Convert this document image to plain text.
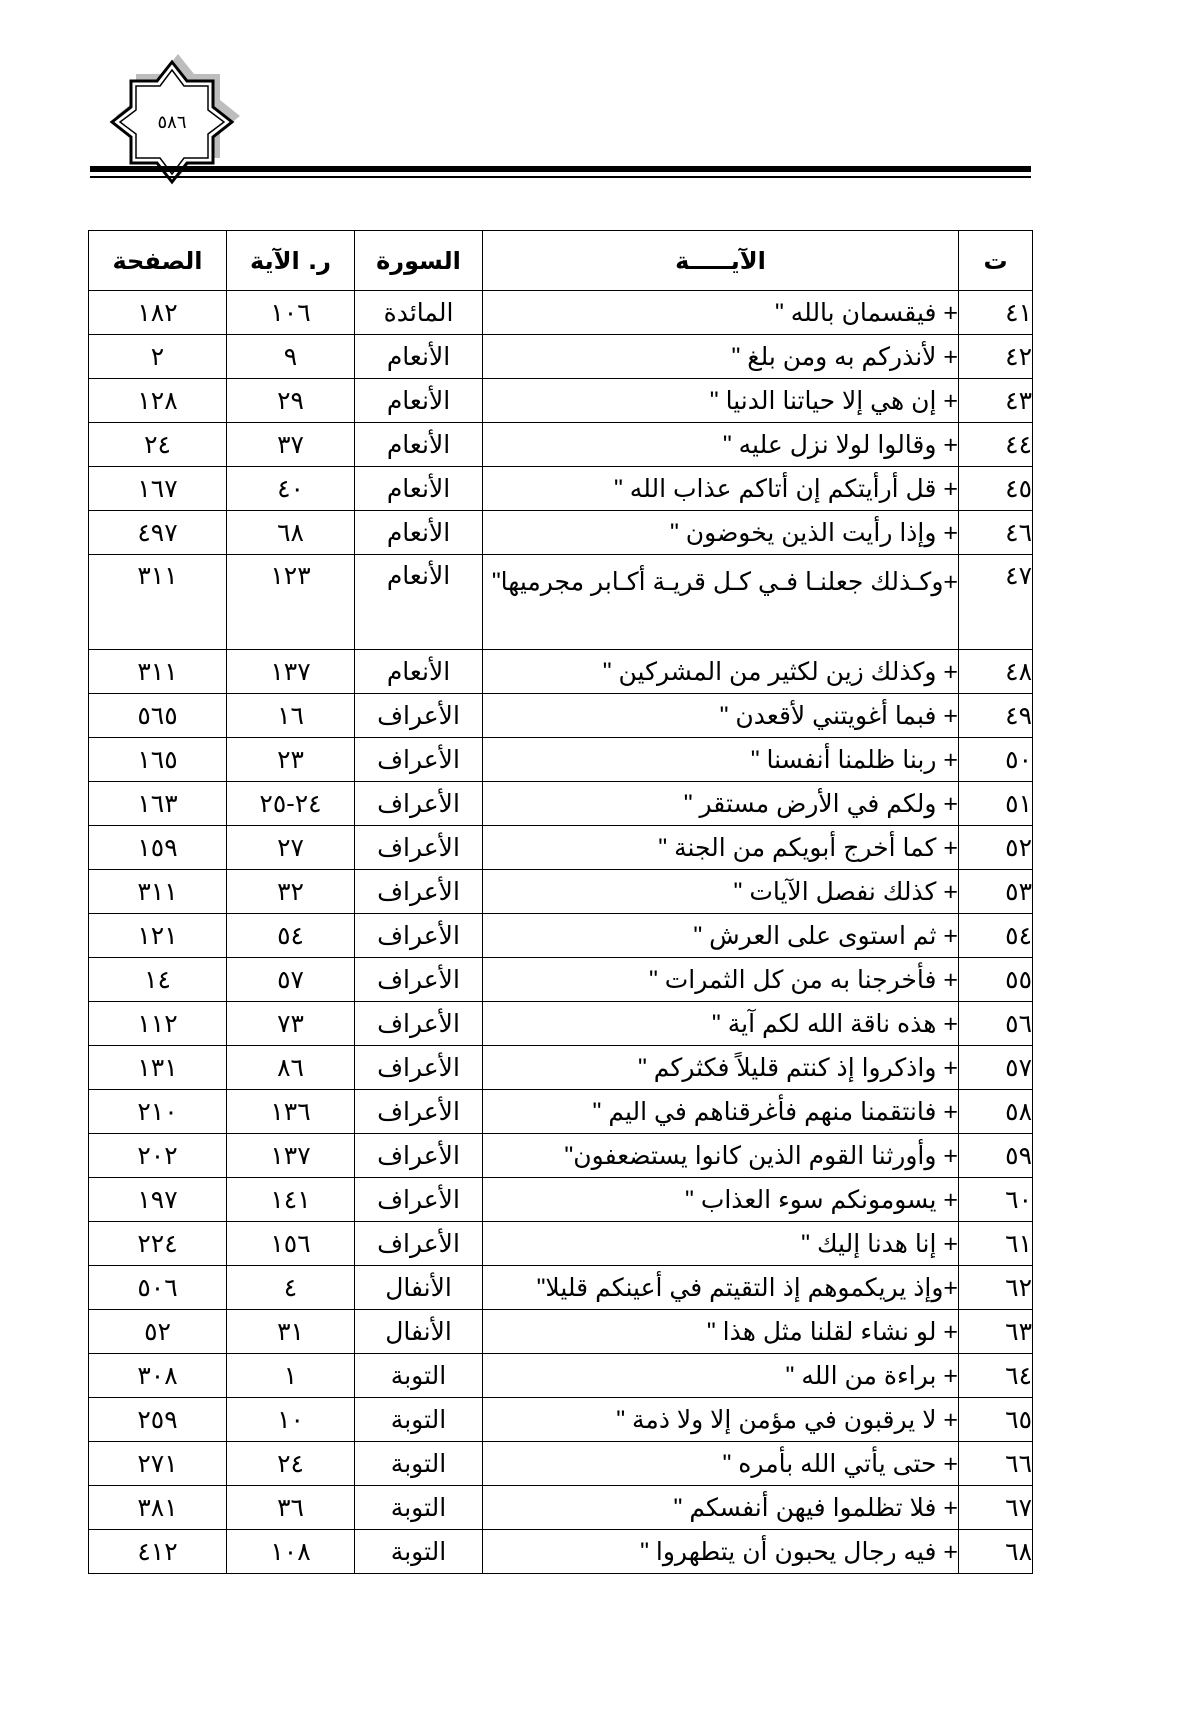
٥٨٦
ت	الآيـــــة	السورة	ر. الآية	الصفحة
٤١	+ فيقسمان بالله "	المائدة	١٠٦	١٨٢
٤٢	+ لأنذركم به ومن بلغ "	الأنعام	٩	٢
٤٣	+ إن هي إلا حياتنا الدنيا "	الأنعام	٢٩	١٢٨
٤٤	+ وقالوا لولا نزل عليه "	الأنعام	٣٧	٢٤
٤٥	+ قل أرأيتكم إن أتاكم عذاب الله "	الأنعام	٤٠	١٦٧
٤٦	+ وإذا رأيت الذين يخوضون "	الأنعام	٦٨	٤٩٧
٤٧	+وكـذلك جعلنـا فـي كـل قريـة أكـابر مجرميها"	الأنعام	١٢٣	٣١١
٤٨	+ وكذلك زين لكثير من المشركين "	الأنعام	١٣٧	٣١١
٤٩	+ فبما أغويتني لأقعدن "	الأعراف	١٦	٥٦٥
٥٠	+ ربنا ظلمنا أنفسنا "	الأعراف	٢٣	١٦٥
٥١	+ ولكم في الأرض مستقر "	الأعراف	٢٤-٢٥	١٦٣
٥٢	+ كما أخرج أبويكم من الجنة "	الأعراف	٢٧	١٥٩
٥٣	+ كذلك نفصل الآيات "	الأعراف	٣٢	٣١١
٥٤	+ ثم استوى على العرش "	الأعراف	٥٤	١٢١
٥٥	+ فأخرجنا به من كل الثمرات "	الأعراف	٥٧	١٤
٥٦	+ هذه ناقة الله لكم آية "	الأعراف	٧٣	١١٢
٥٧	+ واذكروا إذ كنتم قليلاً فكثركم "	الأعراف	٨٦	١٣١
٥٨	+ فانتقمنا منهم فأغرقناهم في اليم "	الأعراف	١٣٦	٢١٠
٥٩	+ وأورثنا القوم الذين كانوا يستضعفون"	الأعراف	١٣٧	٢٠٢
٦٠	+ يسومونكم سوء العذاب "	الأعراف	١٤١	١٩٧
٦١	+ إنا هدنا إليك "	الأعراف	١٥٦	٢٢٤
٦٢	+وإذ يريكموهم إذ التقيتم في أعينكم قليلا"	الأنفال	٤	٥٠٦
٦٣	+ لو نشاء لقلنا مثل هذا "	الأنفال	٣١	٥٢
٦٤	+ براءة من الله "	التوبة	١	٣٠٨
٦٥	+ لا يرقبون في مؤمن إلا ولا ذمة "	التوبة	١٠	٢٥٩
٦٦	+ حتى يأتي الله بأمره "	التوبة	٢٤	٢٧١
٦٧	+ فلا تظلموا فيهن أنفسكم "	التوبة	٣٦	٣٨١
٦٨	+ فيه رجال يحبون أن يتطهروا "	التوبة	١٠٨	٤١٢
